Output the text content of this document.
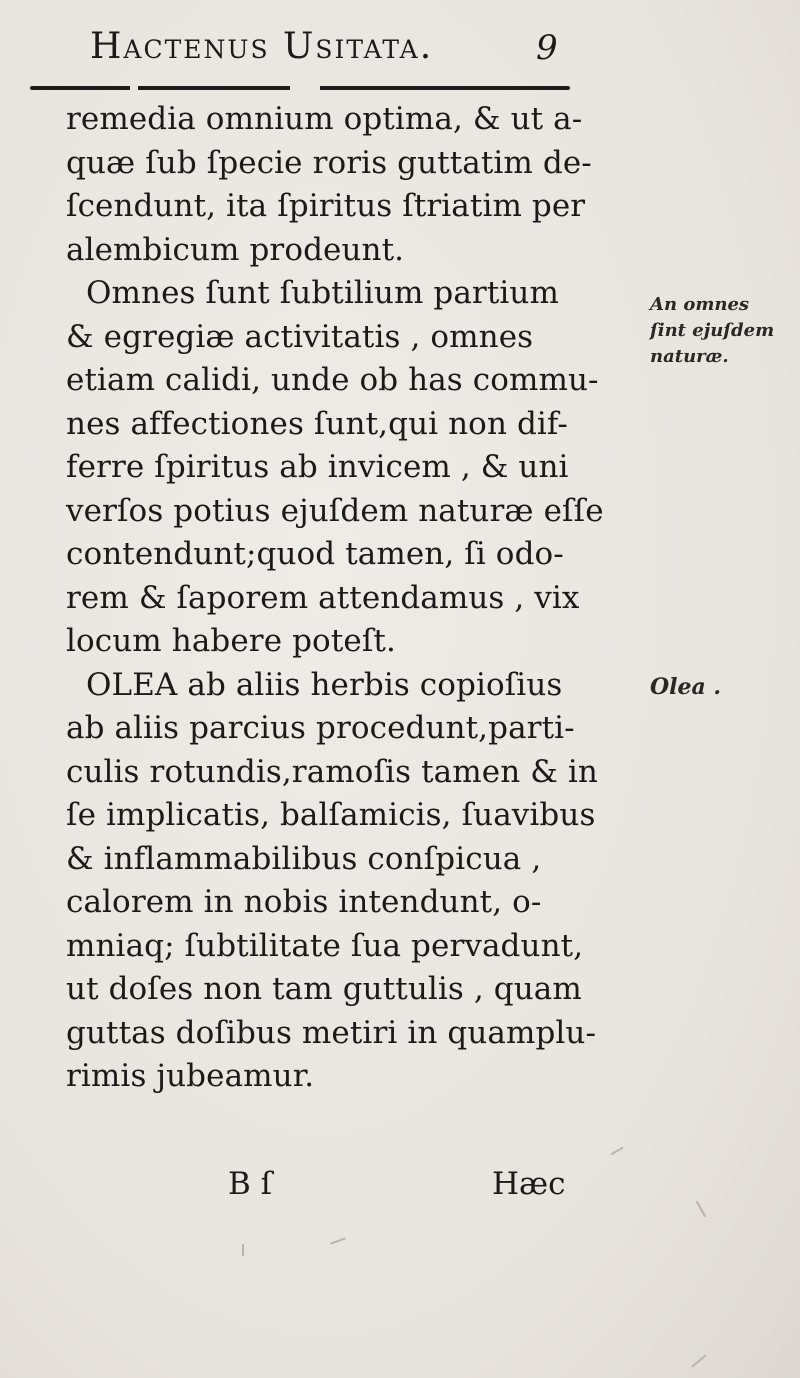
Hactenus Usitata.	9
remedia omnium optima, & ut a-
quæ ſub ſpecie roris guttatim de-
ſcendunt, ita ſpiritus ſtriatim per
alembicum prodeunt.
Omnes ſunt ſubtilium partium
& egregiæ activitatis , omnes
etiam calidi, unde ob has commu-
nes affectiones ſunt,qui non dif-
ferre ſpiritus ab invicem , & uni
verſos potius ejuſdem naturæ eſſe
contendunt;quod tamen, ſi odo-
rem & ſaporem attendamus , vix
locum habere poteſt.
OLEA ab aliis herbis copioſius
ab aliis parcius procedunt,parti-
culis rotundis,ramoſis tamen & in
ſe implicatis, balſamicis, ſuavibus
& inflammabilibus conſpicua ,
calorem in nobis intendunt, o-
mniaq; ſubtilitate ſua pervadunt,
ut doſes non tam guttulis , quam
guttas doſibus metiri in quamplu-
rimis jubeamur.
An omnes
ſint ejuſdem
naturæ.
Olea .
B ſ	Hæc
